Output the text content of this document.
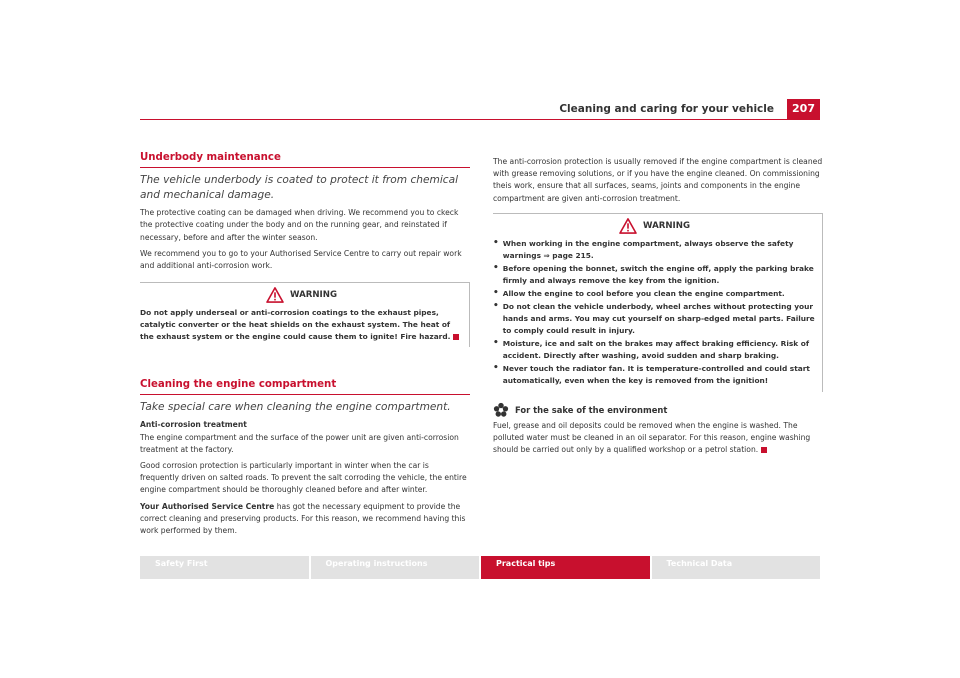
Cleaning and caring for your vehicle	207
Underbody maintenance
The vehicle underbody is coated to protect it from chemical and mechanical damage.

The protective coating can be damaged when driving. We recommend you to ckeck the protective coating under the body and on the running gear, and reinstated if necessary, before and after the winter season.

We recommend you to go to your Authorised Service Centre to carry out repair work and additional anti-corrosion work.

WARNING
Do not apply underseal or anti-corrosion coatings to the exhaust pipes, catalytic converter or the heat shields on the exhaust system. The heat of the exhaust system or the engine could cause them to ignite! Fire hazard.
Cleaning the engine compartment
Take special care when cleaning the engine compartment.

Anti-corrosion treatment

The engine compartment and the surface of the power unit are given anti-corrosion treatment at the factory.

Good corrosion protection is particularly important in winter when the car is frequently driven on salted roads. To prevent the salt corroding the vehicle, the entire engine compartment should be thoroughly cleaned before and after winter.

Your Authorised Service Centre has got the necessary equipment to provide the correct cleaning and preserving products. For this reason, we recommend having this work performed by them.

The anti-corrosion protection is usually removed if the engine compartment is cleaned with grease removing solutions, or if you have the engine cleaned. On commissioning theis work, ensure that all surfaces, seams, joints and components in the engine compartment are given anti-corrosion treatment.

WARNING
• When working in the engine compartment, always observe the safety warnings ⇒ page 215.
• Before opening the bonnet, switch the engine off, apply the parking brake firmly and always remove the key from the ignition.
• Allow the engine to cool before you clean the engine compartment.
• Do not clean the vehicle underbody, wheel arches without protecting your hands and arms. You may cut yourself on sharp-edged metal parts. Failure to comply could result in injury.
• Moisture, ice and salt on the brakes may affect braking efficiency. Risk of accident. Directly after washing, avoid sudden and sharp braking.
• Never touch the radiator fan. It is temperature-controlled and could start automatically, even when the key is removed from the ignition!
For the sake of the environment

Fuel, grease and oil deposits could be removed when the engine is washed. The polluted water must be cleaned in an oil separator. For this reason, engine washing should be carried out only by a qualified workshop or a petrol station.

Safety First	Operating instructions	Practical tips	Technical Data
